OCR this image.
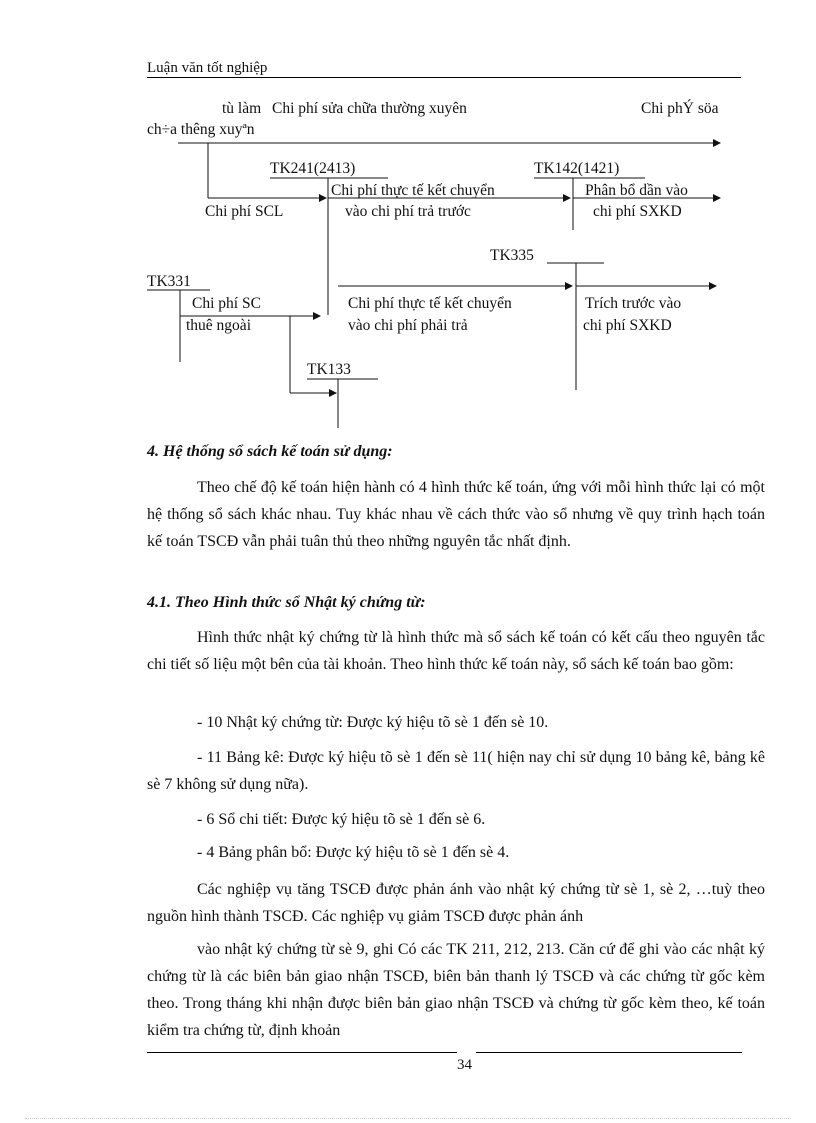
Luận văn tốt nghiệp
tù làm Chi phí sửa chữa thường xuyên	Chi phÝ söa
ch÷a thêng xuyªn
TK241(2413)
Chi phí thực tế kết chuyển
vào chi phí trả trước
Chi phí SCL
TK142(1421)
Phân bổ dần vào
chi phí SXKD
TK335
Chi phí thực tế kết chuyển
vào chi phí phải trả
Trích trước vào
chi phí SXKD
TK331
Chi phí SC
thuê ngoài
TK133
4. Hệ thống sổ sách kế toán sử dụng:

Theo chế độ kế toán hiện hành có 4 hình thức kế toán, ứng với mỗi hình thức lại có một hệ thống sổ sách khác nhau. Tuy khác nhau về cách thức vào sổ nhưng về quy trình hạch toán kế toán TSCĐ vẫn phải tuân thủ theo những nguyên tắc nhất định.

4.1. Theo Hình thức sổ Nhật ký chứng từ:

Hình thức nhật ký chứng từ là hình thức mà sổ sách kế toán có kết cấu theo nguyên tắc chi tiết số liệu một bên của tài khoản. Theo hình thức kế toán này, sổ sách kế toán bao gồm:

- 10 Nhật ký chứng từ: Được ký hiệu tõ sè 1 đến sè 10.

- 11 Bảng kê: Được ký hiệu tõ sè 1 đến sè 11( hiện nay chỉ sử dụng 10 bảng kê, bảng kê sè 7 không sử dụng nữa).

- 6 Sổ chi tiết: Được ký hiệu tõ sè 1 đến sè 6.
- 4 Bảng phân bổ: Được ký hiệu tõ sè 1 đến sè 4.

Các nghiệp vụ tăng TSCĐ được phản ánh vào nhật ký chứng từ sè 1, sè 2, …tuỳ theo nguồn hình thành TSCĐ. Các nghiệp vụ giảm TSCĐ được phản ánh

vào nhật ký chứng từ sè 9, ghi Có các TK 211, 212, 213. Căn cứ để ghi vào các nhật ký chứng từ là các biên bản giao nhận TSCĐ, biên bản thanh lý TSCĐ và các chứng từ gốc kèm theo. Trong tháng khi nhận được biên bản giao nhận TSCĐ và chứng từ gốc kèm theo, kế toán kiểm tra chứng từ, định khoản

34
